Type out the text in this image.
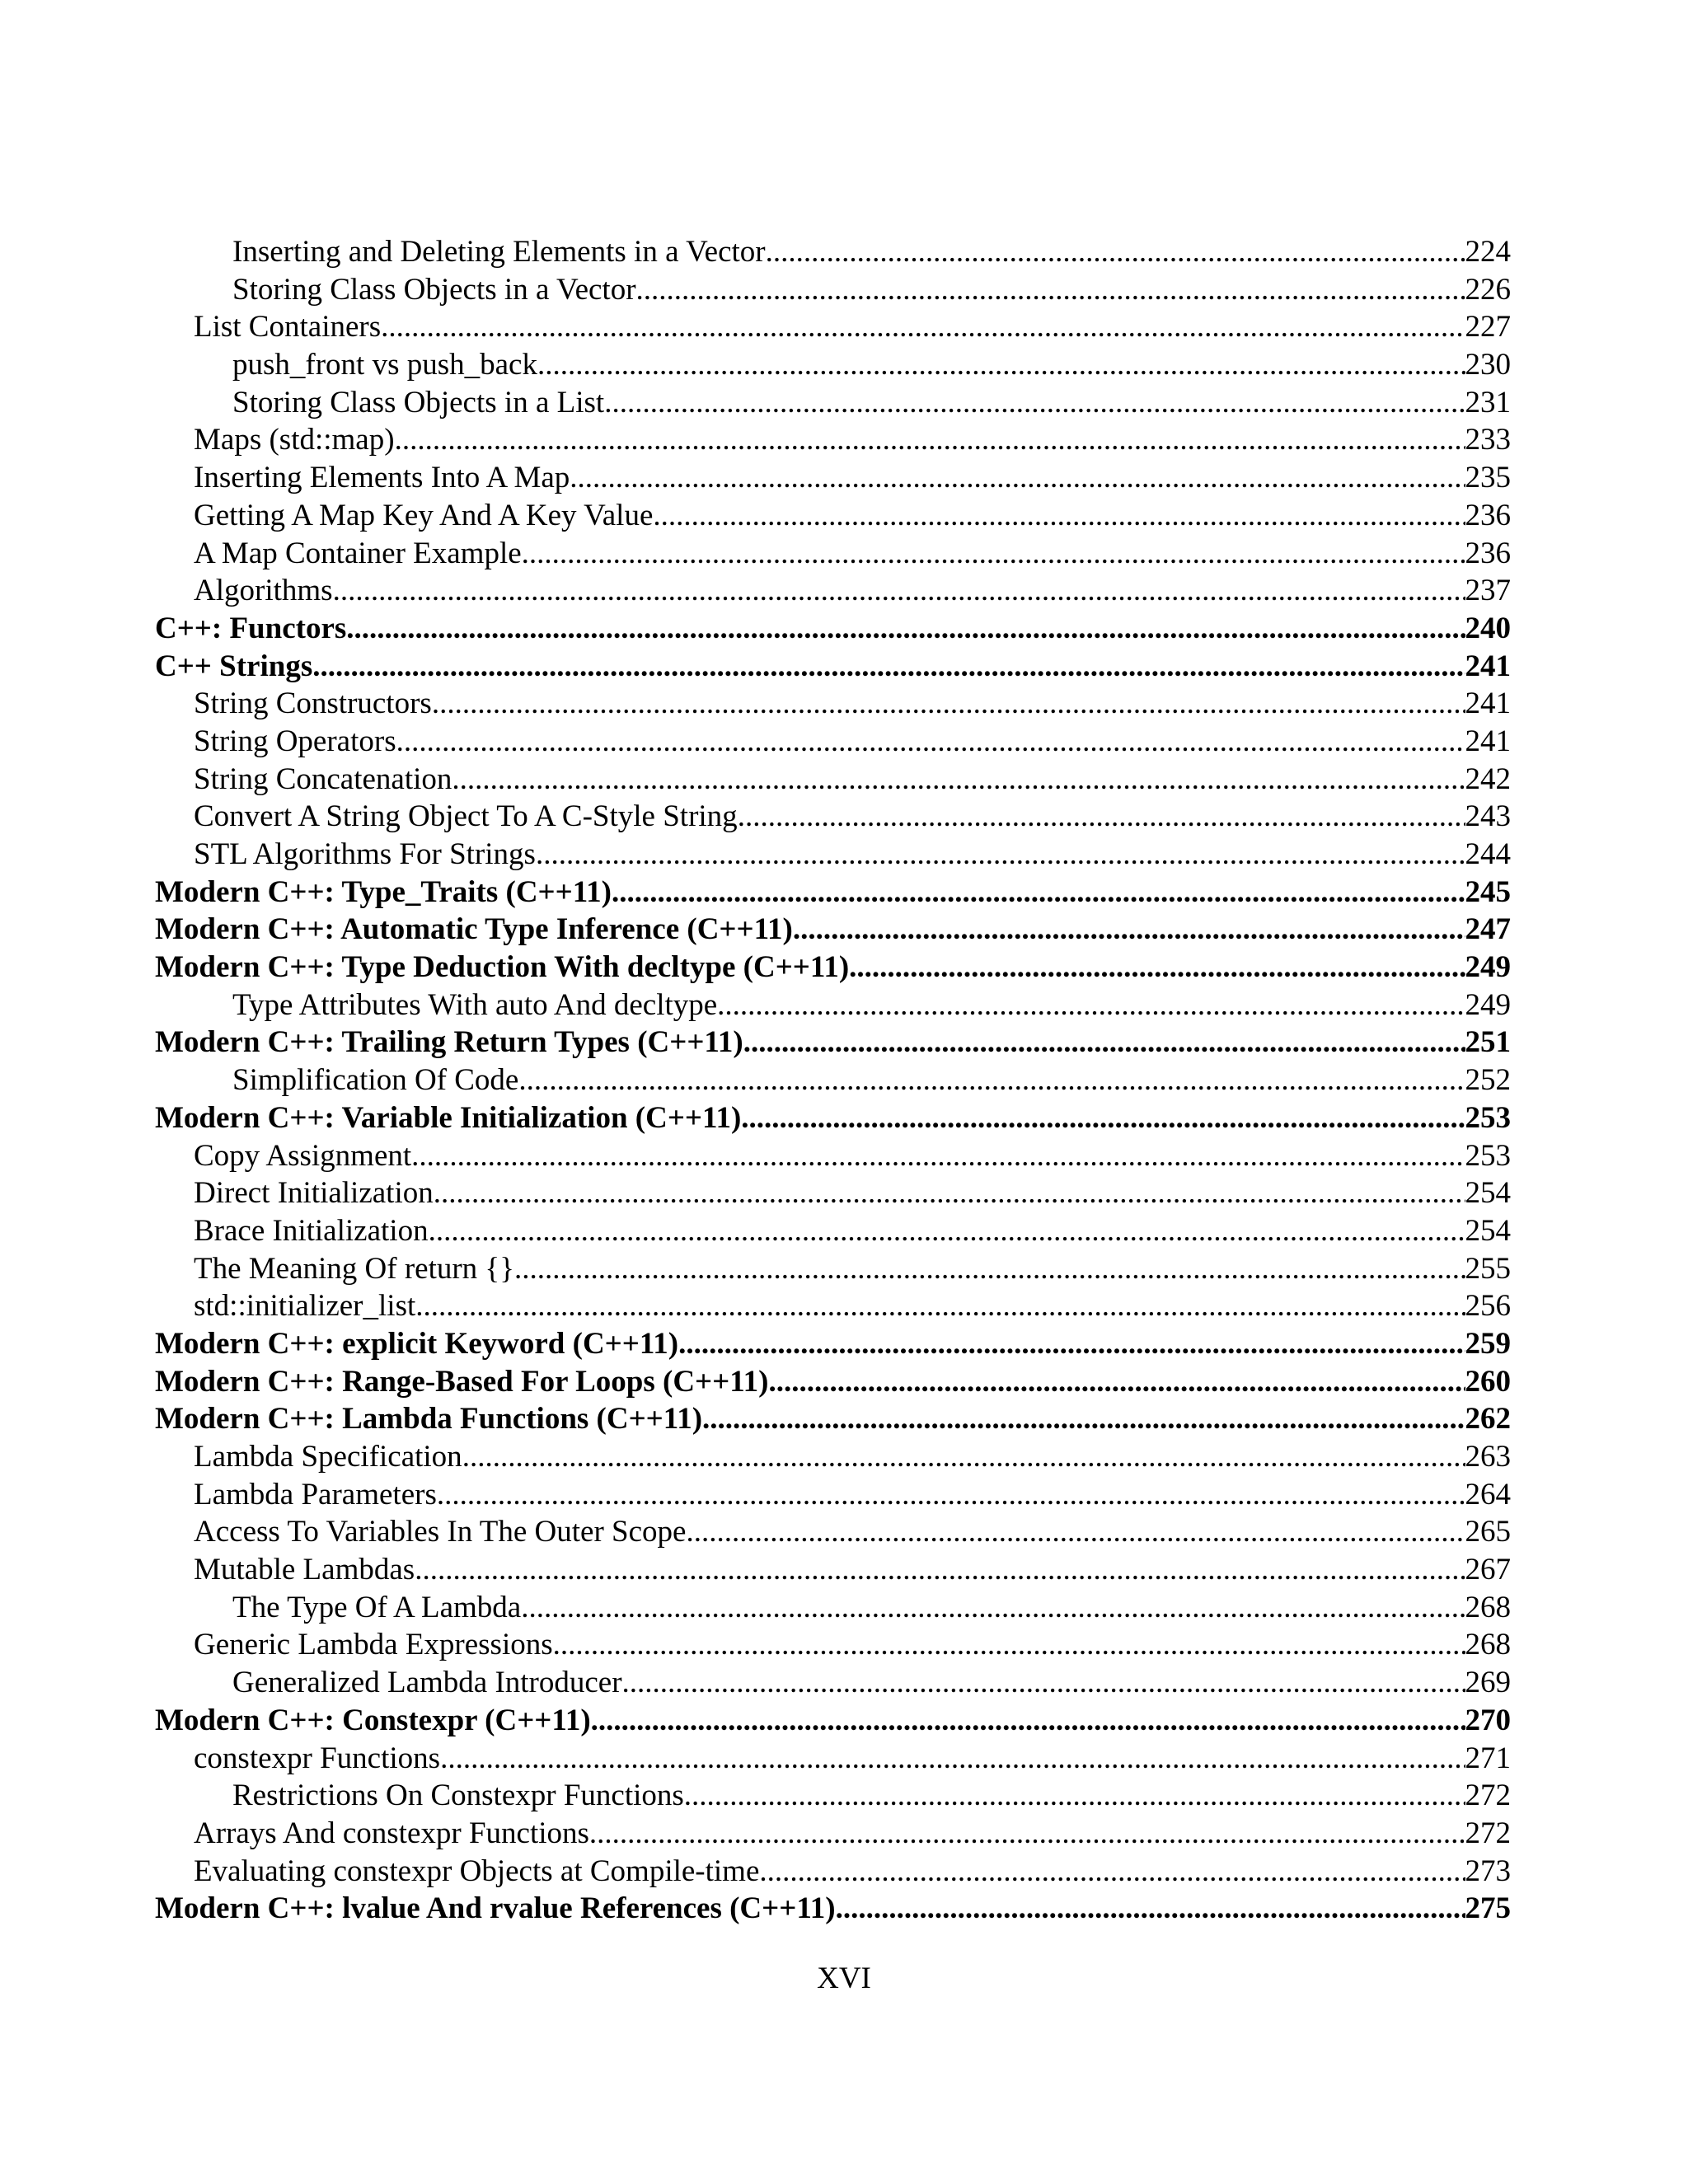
Inserting and Deleting Elements in a Vector .....	224
Storing Class Objects in a Vector .....	226
List Containers .....	227
push_front vs push_back .....	230
Storing Class Objects in a List .....	231
Maps (std::map) .....	233
Inserting Elements Into A Map .....	235
Getting A Map Key And A Key Value .....	236
A Map Container Example .....	236
Algorithms .....	237
C++: Functors .....	240
C++ Strings .....	241
String Constructors .....	241
String Operators .....	241
String Concatenation .....	242
Convert A String Object To A C-Style String .....	243
STL Algorithms For Strings .....	244
Modern C++: Type_Traits (C++11) .....	245
Modern C++: Automatic Type Inference (C++11) .....	247
Modern C++: Type Deduction With decltype (C++11) .....	249
Type Attributes With auto And decltype .....	249
Modern C++: Trailing Return Types (C++11) .....	251
Simplification Of Code .....	252
Modern C++: Variable Initialization (C++11) .....	253
Copy Assignment .....	253
Direct Initialization .....	254
Brace Initialization .....	254
The Meaning Of return {} .....	255
std::initializer_list .....	256
Modern C++: explicit Keyword (C++11) .....	259
Modern C++: Range-Based For Loops (C++11) .....	260
Modern C++: Lambda Functions (C++11) .....	262
Lambda Specification .....	263
Lambda Parameters .....	264
Access To Variables In The Outer Scope .....	265
Mutable Lambdas .....	267
The Type Of A Lambda .....	268
Generic Lambda Expressions .....	268
Generalized Lambda Introducer .....	269
Modern C++: Constexpr (C++11) .....	270
constexpr Functions .....	271
Restrictions On Constexpr Functions .....	272
Arrays And constexpr Functions .....	272
Evaluating constexpr Objects at Compile-time .....	273
Modern C++: lvalue And rvalue References (C++11) .....	275
XVI
